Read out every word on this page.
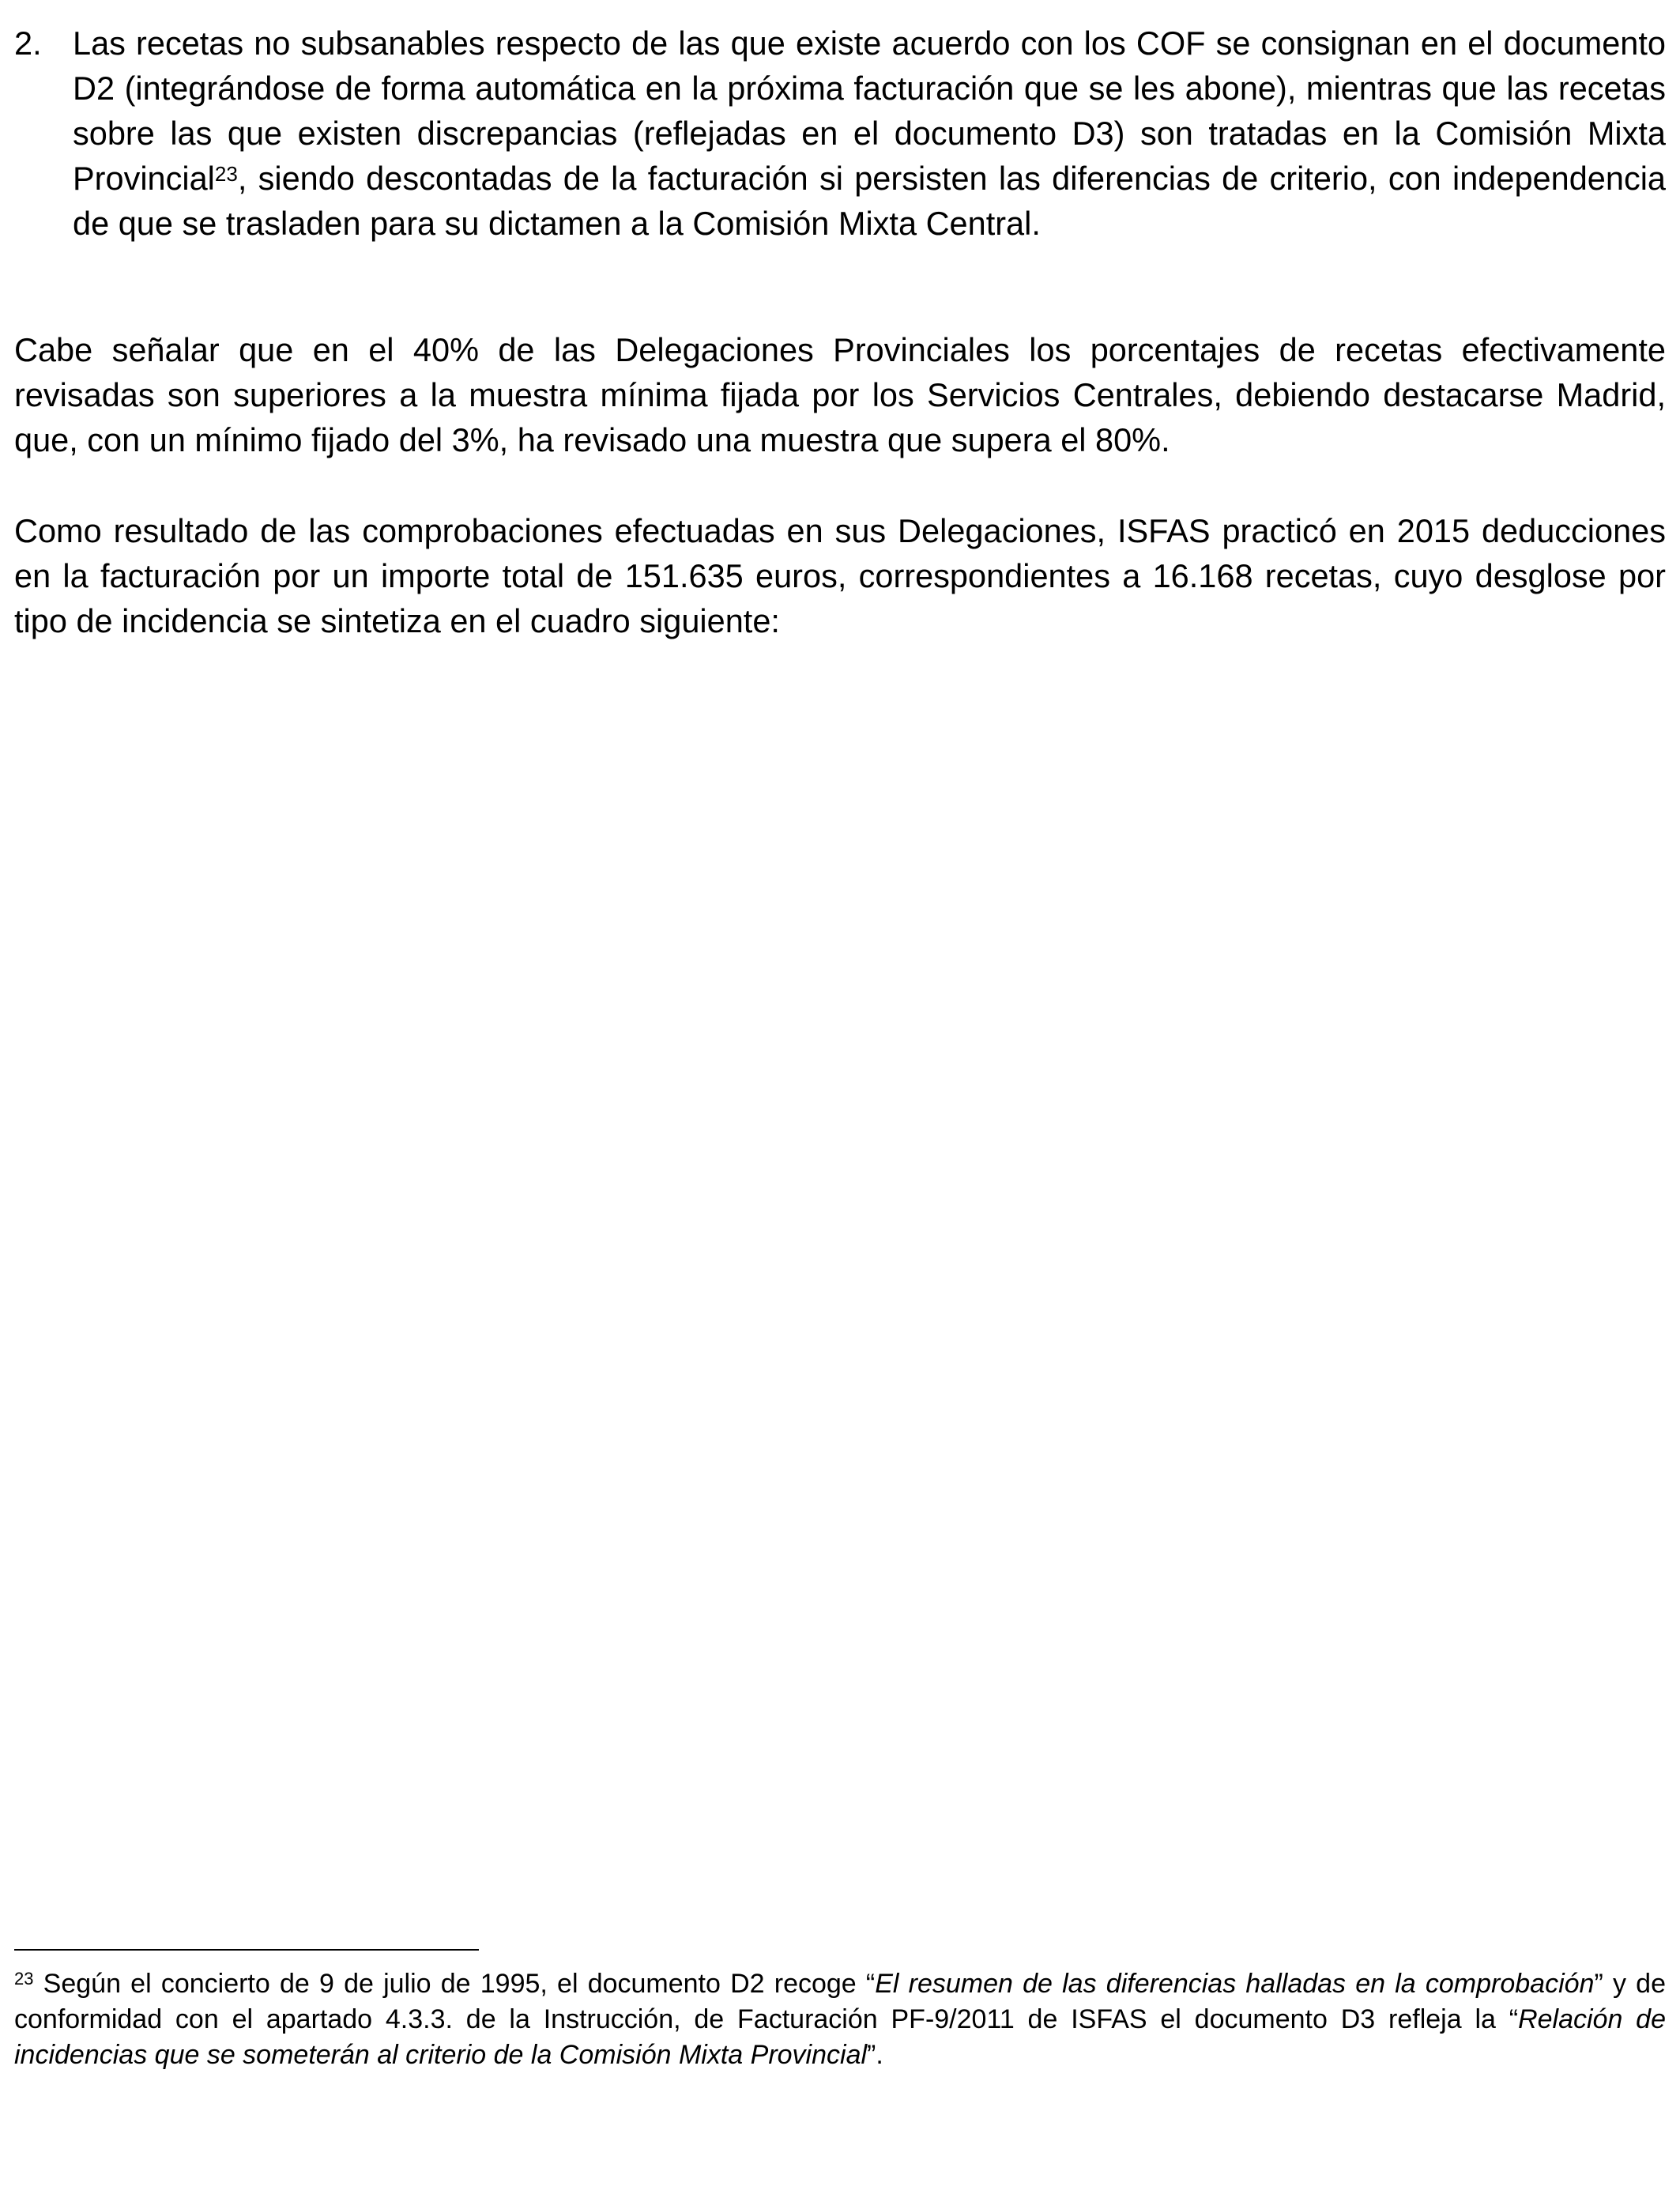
2. Las recetas no subsanables respecto de las que existe acuerdo con los COF se consignan en el documento D2 (integrándose de forma automática en la próxima facturación que se les abone), mientras que las recetas sobre las que existen discrepancias (reflejadas en el documento D3) son tratadas en la Comisión Mixta Provincial$^{23}$, siendo descontadas de la facturación si persisten las diferencias de criterio, con independencia de que se trasladen para su dictamen a la Comisión Mixta Central.

Cabe señalar que en el 40% de las Delegaciones Provinciales los porcentajes de recetas efectivamente revisadas son superiores a la muestra mínima fijada por los Servicios Centrales, debiendo destacarse Madrid, que, con un mínimo fijado del 3%, ha revisado una muestra que supera el 80%.

Como resultado de las comprobaciones efectuadas en sus Delegaciones, ISFAS practicó en 2015 deducciones en la facturación por un importe total de 151.635 euros, correspondientes a 16.168 recetas, cuyo desglose por tipo de incidencia se sintetiza en el cuadro siguiente:

$^{23}$ Según el concierto de 9 de julio de 1995, el documento D2 recoge “El resumen de las diferencias halladas en la comprobación” y de conformidad con el apartado 4.3.3. de la Instrucción, de Facturación PF-9/2011 de ISFAS el documento D3 refleja la “Relación de incidencias que se someterán al criterio de la Comisión Mixta Provincial”.
